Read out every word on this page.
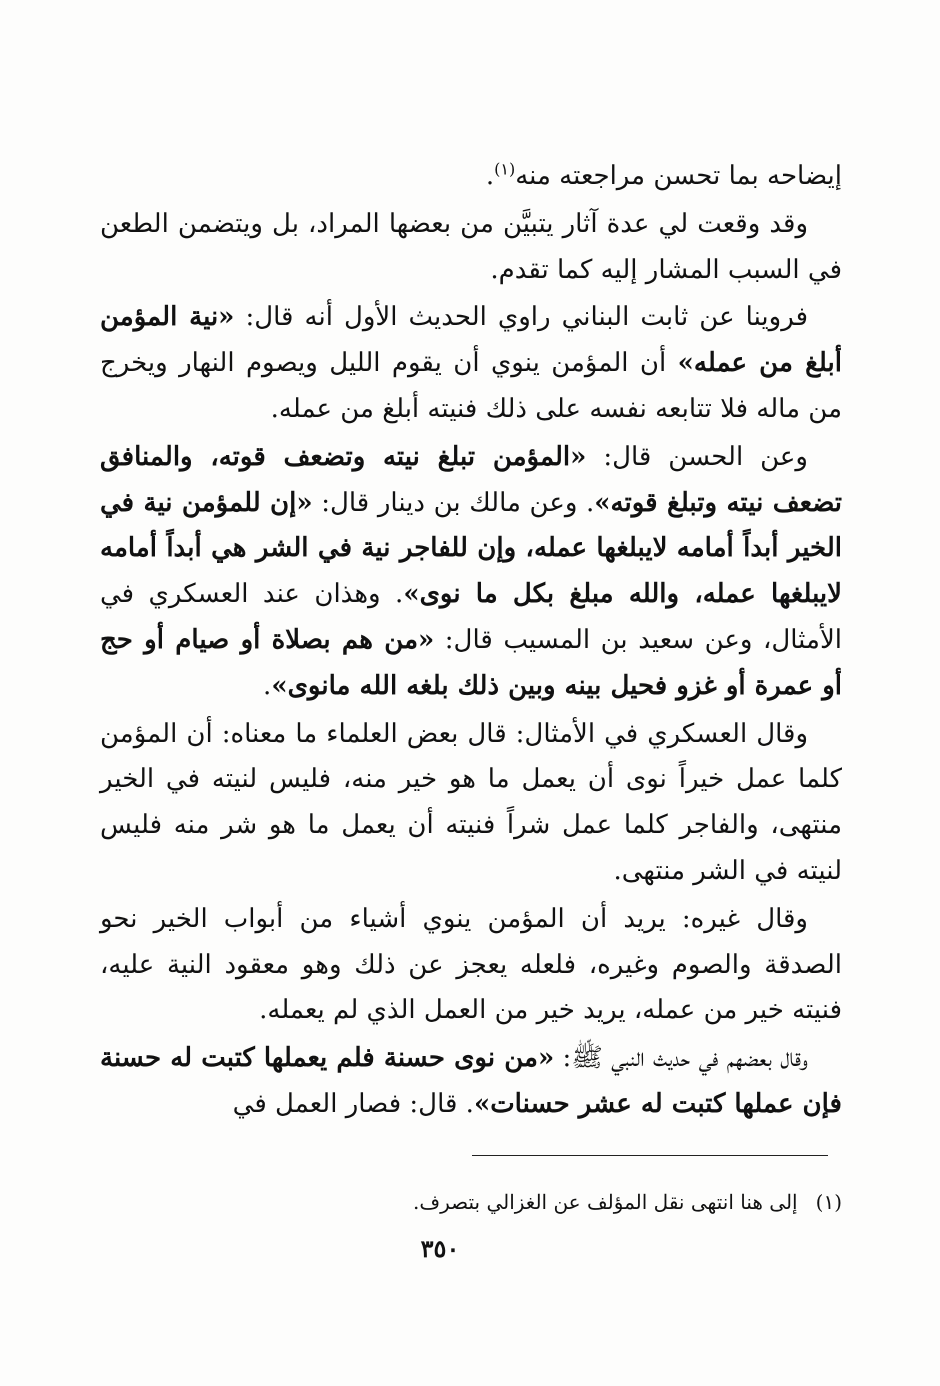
إيضاحه بما تحسن مراجعته منه$^{(١)}$.

وقد وقعت لي عدة آثار يتبيَّن من بعضها المراد، بل ويتضمن الطعن في السبب المشار إليه كما تقدم.

فروينا عن ثابت البناني راوي الحديث الأول أنه قال: «نية المؤمن أبلغ من عمله» أن المؤمن ينوي أن يقوم الليل ويصوم النهار ويخرج من ماله فلا تتابعه نفسه على ذلك فنيته أبلغ من عمله.

وعن الحسن قال: «المؤمن تبلغ نيته وتضعف قوته، والمنافق تضعف نيته وتبلغ قوته». وعن مالك بن دينار قال: «إن للمؤمن نية في الخير أبداً أمامه لايبلغها عمله، وإن للفاجر نية في الشر هي أبداً أمامه لايبلغها عمله، والله مبلغ بكل ما نوى». وهذان عند العسكري في الأمثال، وعن سعيد بن المسيب قال: «من هم بصلاة أو صيام أو حج أو عمرة أو غزو فحيل بينه وبين ذلك بلغه الله مانوى».

وقال العسكري في الأمثال: قال بعض العلماء ما معناه: أن المؤمن كلما عمل خيراً نوى أن يعمل ما هو خير منه، فليس لنيته في الخير منتهى، والفاجر كلما عمل شراً فنيته أن يعمل ما هو شر منه فليس لنيته في الشر منتهى.

وقال غيره: يريد أن المؤمن ينوي أشياء من أبواب الخير نحو الصدقة والصوم وغيره، فلعله يعجز عن ذلك وهو معقود النية عليه، فنيته خير من عمله، يريد خير من العمل الذي لم يعمله.

وقال بعضهم في حديث النبي ﷺ: «من نوى حسنة فلم يعملها كتبت له حسنة فإن عملها كتبت له عشر حسنات». قال: فصار العمل في

(١)إلى هنا انتهى نقل المؤلف عن الغزالي بتصرف.
٣٥٠
